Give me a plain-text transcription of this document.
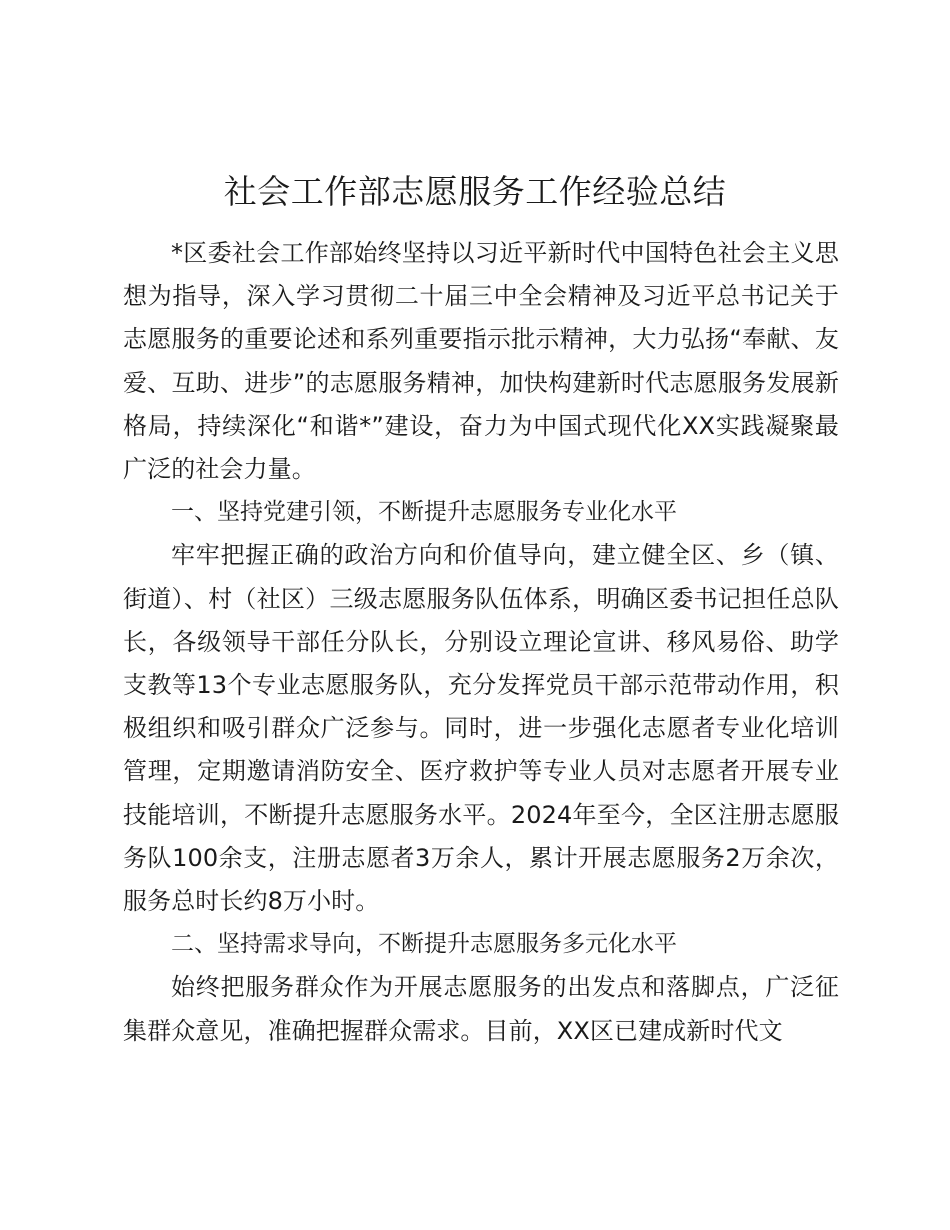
社会工作部志愿服务工作经验总结

*区委社会工作部始终坚持以习近平新时代中国特色社会主义思想为指导，深入学习贯彻二十届三中全会精神及习近平总书记关于志愿服务的重要论述和系列重要指示批示精神，大力弘扬“奉献、友爱、互助、进步”的志愿服务精神，加快构建新时代志愿服务发展新格局，持续深化“和谐*”建设，奋力为中国式现代化XX实践凝聚最广泛的社会力量。

一、坚持党建引领，不断提升志愿服务专业化水平

牢牢把握正确的政治方向和价值导向，建立健全区、乡（镇、街道）、村（社区）三级志愿服务队伍体系，明确区委书记担任总队长，各级领导干部任分队长，分别设立理论宣讲、移风易俗、助学支教等13个专业志愿服务队，充分发挥党员干部示范带动作用，积极组织和吸引群众广泛参与。同时，进一步强化志愿者专业化培训管理，定期邀请消防安全、医疗救护等专业人员对志愿者开展专业技能培训，不断提升志愿服务水平。2024年至今，全区注册志愿服务队100余支，注册志愿者3万余人，累计开展志愿服务2万余次，服务总时长约8万小时。

二、坚持需求导向，不断提升志愿服务多元化水平

始终把服务群众作为开展志愿服务的出发点和落脚点，广泛征集群众意见，准确把握群众需求。目前，XX区已建成新时代文
